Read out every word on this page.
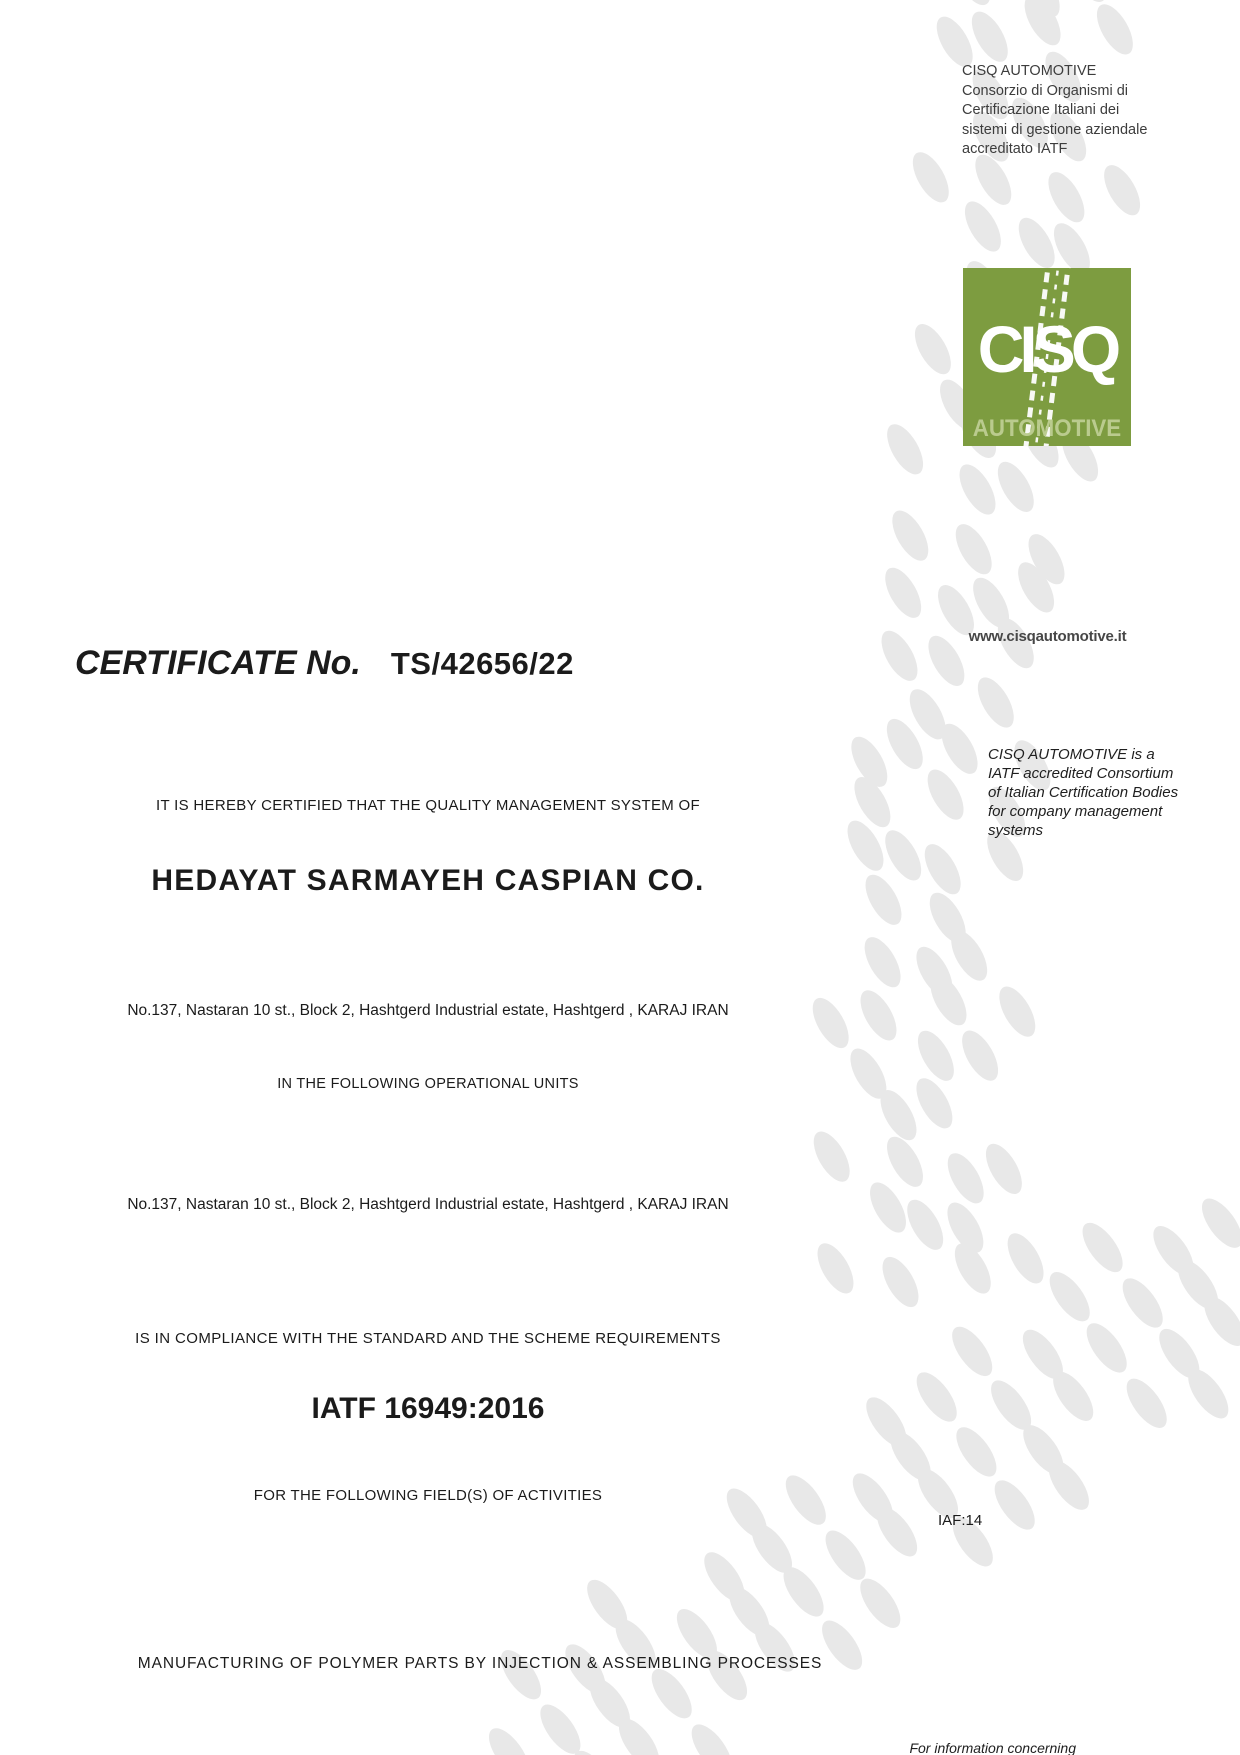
CISQ AUTOMOTIVE
Consorzio di Organismi di
Certificazione Italiani dei
sistemi di gestione aziendale
accreditato IATF
CISQ
AUTOMOTIVE
www.cisqautomotive.it
CISQ AUTOMOTIVE is a
IATF accredited Consortium
of Italian Certification Bodies
for company management
systems
CERTIFICATE No. TS/42656/22
IT IS HEREBY CERTIFIED THAT THE QUALITY MANAGEMENT SYSTEM OF
HEDAYAT SARMAYEH CASPIAN CO.
No.137, Nastaran 10 st., Block 2, Hashtgerd Industrial estate, Hashtgerd , KARAJ IRAN
IN THE FOLLOWING OPERATIONAL UNITS
No.137, Nastaran 10 st., Block 2, Hashtgerd Industrial estate, Hashtgerd , KARAJ IRAN
IS IN COMPLIANCE WITH THE STANDARD AND THE SCHEME REQUIREMENTS
IATF 16949:2016
FOR THE FOLLOWING FIELD(S) OF ACTIVITIES
IAF:14
MANUFACTURING OF POLYMER PARTS BY INJECTION & ASSEMBLING PROCESSES
For information concerning
